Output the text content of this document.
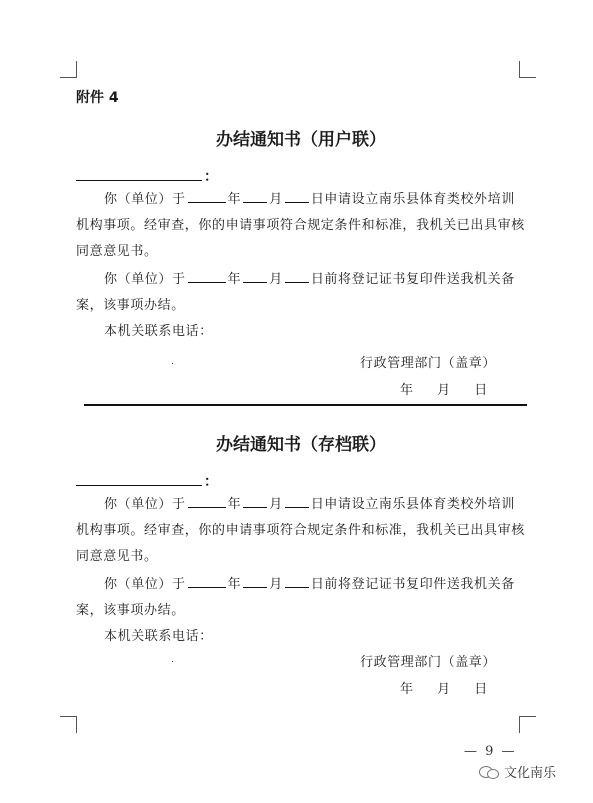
附件 4
办结通知书（用户联）
：

你（单位）于	年 月 日申请设立南乐县体育类校外培训机构事项。经审查，你的申请事项符合规定条件和标准，我机关已出具审核同意意见书。

你（单位）于	年 月 日前将登记证书复印件送我机关备案，该事项办结。

本机关联系电话：
行政管理部门（盖章）
年 月 日
办结通知书（存档联）
：

你（单位）于	年 月 日申请设立南乐县体育类校外培训机构事项。经审查，你的申请事项符合规定条件和标准，我机关已出具审核同意意见书。

你（单位）于	年 月 日前将登记证书复印件送我机关备案，该事项办结。

本机关联系电话：
行政管理部门（盖章）
年 月 日
— 9 —
文化南乐
